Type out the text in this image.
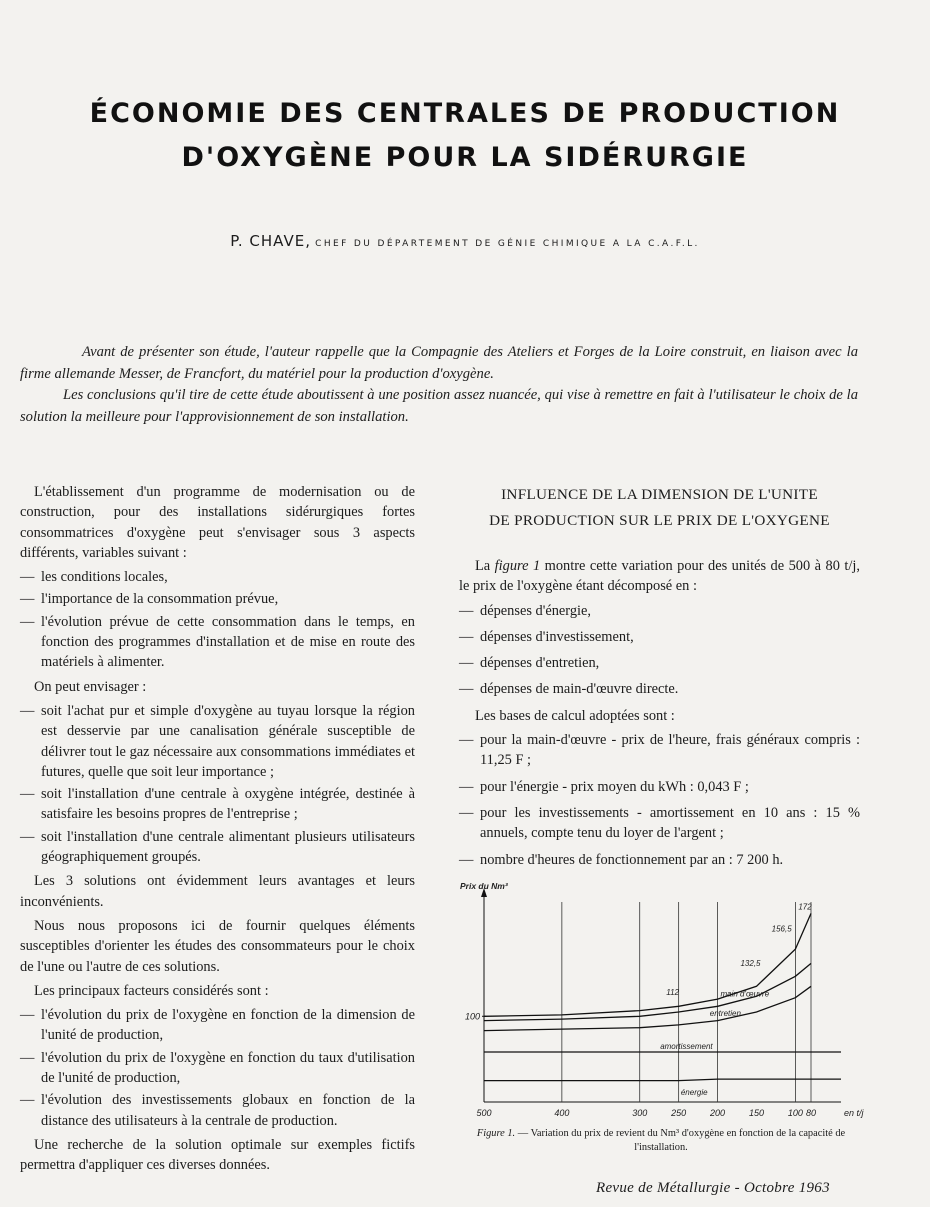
ÉCONOMIE DES CENTRALES DE PRODUCTION
D'OXYGÈNE POUR LA SIDÉRURGIE
P. CHAVE, CHEF DU DÉPARTEMENT DE GÉNIE CHIMIQUE A LA C.A.F.L.

Avant de présenter son étude, l'auteur rappelle que la Compagnie des Ateliers et Forges de la Loire construit, en liaison avec la firme allemande Messer, de Francfort, du matériel pour la production d'oxygène.

Les conclusions qu'il tire de cette étude aboutissent à une position assez nuancée, qui vise à remettre en fait à l'utilisateur le choix de la solution la meilleure pour l'approvisionnement de son installation.

L'établissement d'un programme de modernisation ou de construction, pour des installations sidérurgiques fortes consommatrices d'oxygène peut s'envisager sous 3 aspects différents, variables suivant :

— les conditions locales,
— l'importance de la consommation prévue,
— l'évolution prévue de cette consommation dans le temps, en fonction des programmes d'installation et de mise en route des matériels à alimenter.

On peut envisager :

— soit l'achat pur et simple d'oxygène au tuyau lorsque la région est desservie par une canalisation générale susceptible de délivrer tout le gaz nécessaire aux consommations immédiates et futures, quelle que soit leur importance ;
— soit l'installation d'une centrale à oxygène intégrée, destinée à satisfaire les besoins propres de l'entreprise ;
— soit l'installation d'une centrale alimentant plusieurs utilisateurs géographiquement groupés.

Les 3 solutions ont évidemment leurs avantages et leurs inconvénients.

Nous nous proposons ici de fournir quelques éléments susceptibles d'orienter les études des consommateurs pour le choix de l'une ou l'autre de ces solutions.

Les principaux facteurs considérés sont :

— l'évolution du prix de l'oxygène en fonction de la dimension de l'unité de production,
— l'évolution du prix de l'oxygène en fonction du taux d'utilisation de l'unité de production,
— l'évolution des investissements globaux en fonction de la distance des utilisateurs à la centrale de production.

Une recherche de la solution optimale sur exemples fictifs permettra d'appliquer ces diverses données.

INFLUENCE DE LA DIMENSION DE L'UNITE
DE PRODUCTION SUR LE PRIX DE L'OXYGENE

La figure 1 montre cette variation pour des unités de 500 à 80 t/j, le prix de l'oxygène étant décomposé en :

— dépenses d'énergie,
— dépenses d'investissement,
— dépenses d'entretien,
— dépenses de main-d'œuvre directe.

Les bases de calcul adoptées sont :

— pour la main-d'œuvre - prix de l'heure, frais généraux compris : 11,25 F ;
— pour l'énergie - prix moyen du kWh : 0,043 F ;
— pour les investissements - amortissement en 10 ans : 15 % annuels, compte tenu du loyer de l'argent ;
— nombre d'heures de fonctionnement par an : 7 200 h.
500	400	300	250	200	150	100 80	en t/j
Prix du Nm³
100
énergie
amortissement
entretien
main d'œuvre
112
132,5
156,5
172
Figure 1. — Variation du prix de revient du Nm³ d'oxygène en fonction de la capacité de l'installation.
Revue de Métallurgie - Octobre 1963
